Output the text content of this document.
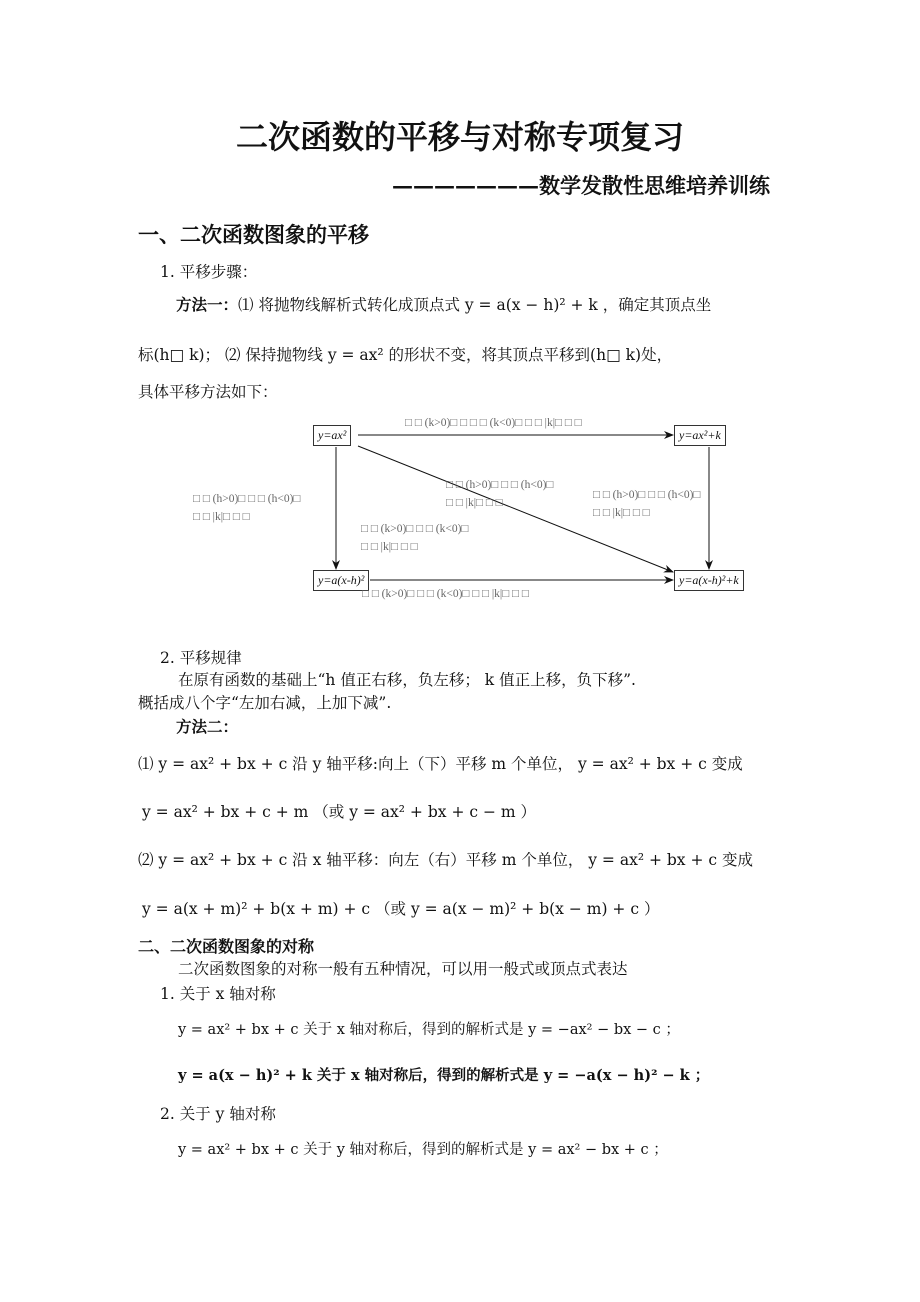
二次函数的平移与对称专项复习
———————数学发散性思维培养训练
一、二次函数图象的平移
1. 平移步骤：
方法一：⑴ 将抛物线解析式转化成顶点式 y = a(x − h)² + k ，确定其顶点坐
标(h□ k)； ⑵ 保持抛物线 y = ax² 的形状不变，将其顶点平移到(h□ k)处，
具体平移方法如下：
y=ax²	y=ax²+k
y=a(x-h)²	y=a(x-h)²+k
□ □ (k>0)□ □ □ □ (k<0)□ □ □ |k|□ □ □
□ □ (h>0)□ □ □ (h<0)□
□ □ |k|□ □ □
□ □ (h>0)□ □ □ (h<0)□
□ □ |k|□ □ □
□ □ (k>0)□ □ □ (k<0)□
□ □ |k|□ □ □
□ □ (h>0)□ □ □ (h<0)□
□ □ |k|□ □ □
□ □ (k>0)□ □ □ (k<0)□ □ □ |k|□ □ □
2. 平移规律
在原有函数的基础上“h 值正右移，负左移； k 值正上移，负下移”.
概括成八个字“左加右减，上加下减”.
方法二：
⑴ y = ax² + bx + c 沿 y 轴平移:向上（下）平移 m 个单位， y = ax² + bx + c 变成
y = ax² + bx + c + m （或 y = ax² + bx + c − m ）
⑵ y = ax² + bx + c 沿 x 轴平移：向左（右）平移 m 个单位， y = ax² + bx + c 变成
y = a(x + m)² + b(x + m) + c （或 y = a(x − m)² + b(x − m) + c ）
二、二次函数图象的对称
二次函数图象的对称一般有五种情况，可以用一般式或顶点式表达
1. 关于 x 轴对称
y = ax² + bx + c 关于 x 轴对称后，得到的解析式是 y = −ax² − bx − c ；
y = a(x − h)² + k 关于 x 轴对称后，得到的解析式是 y = −a(x − h)² − k ；
2. 关于 y 轴对称
y = ax² + bx + c 关于 y 轴对称后，得到的解析式是 y = ax² − bx + c ；
